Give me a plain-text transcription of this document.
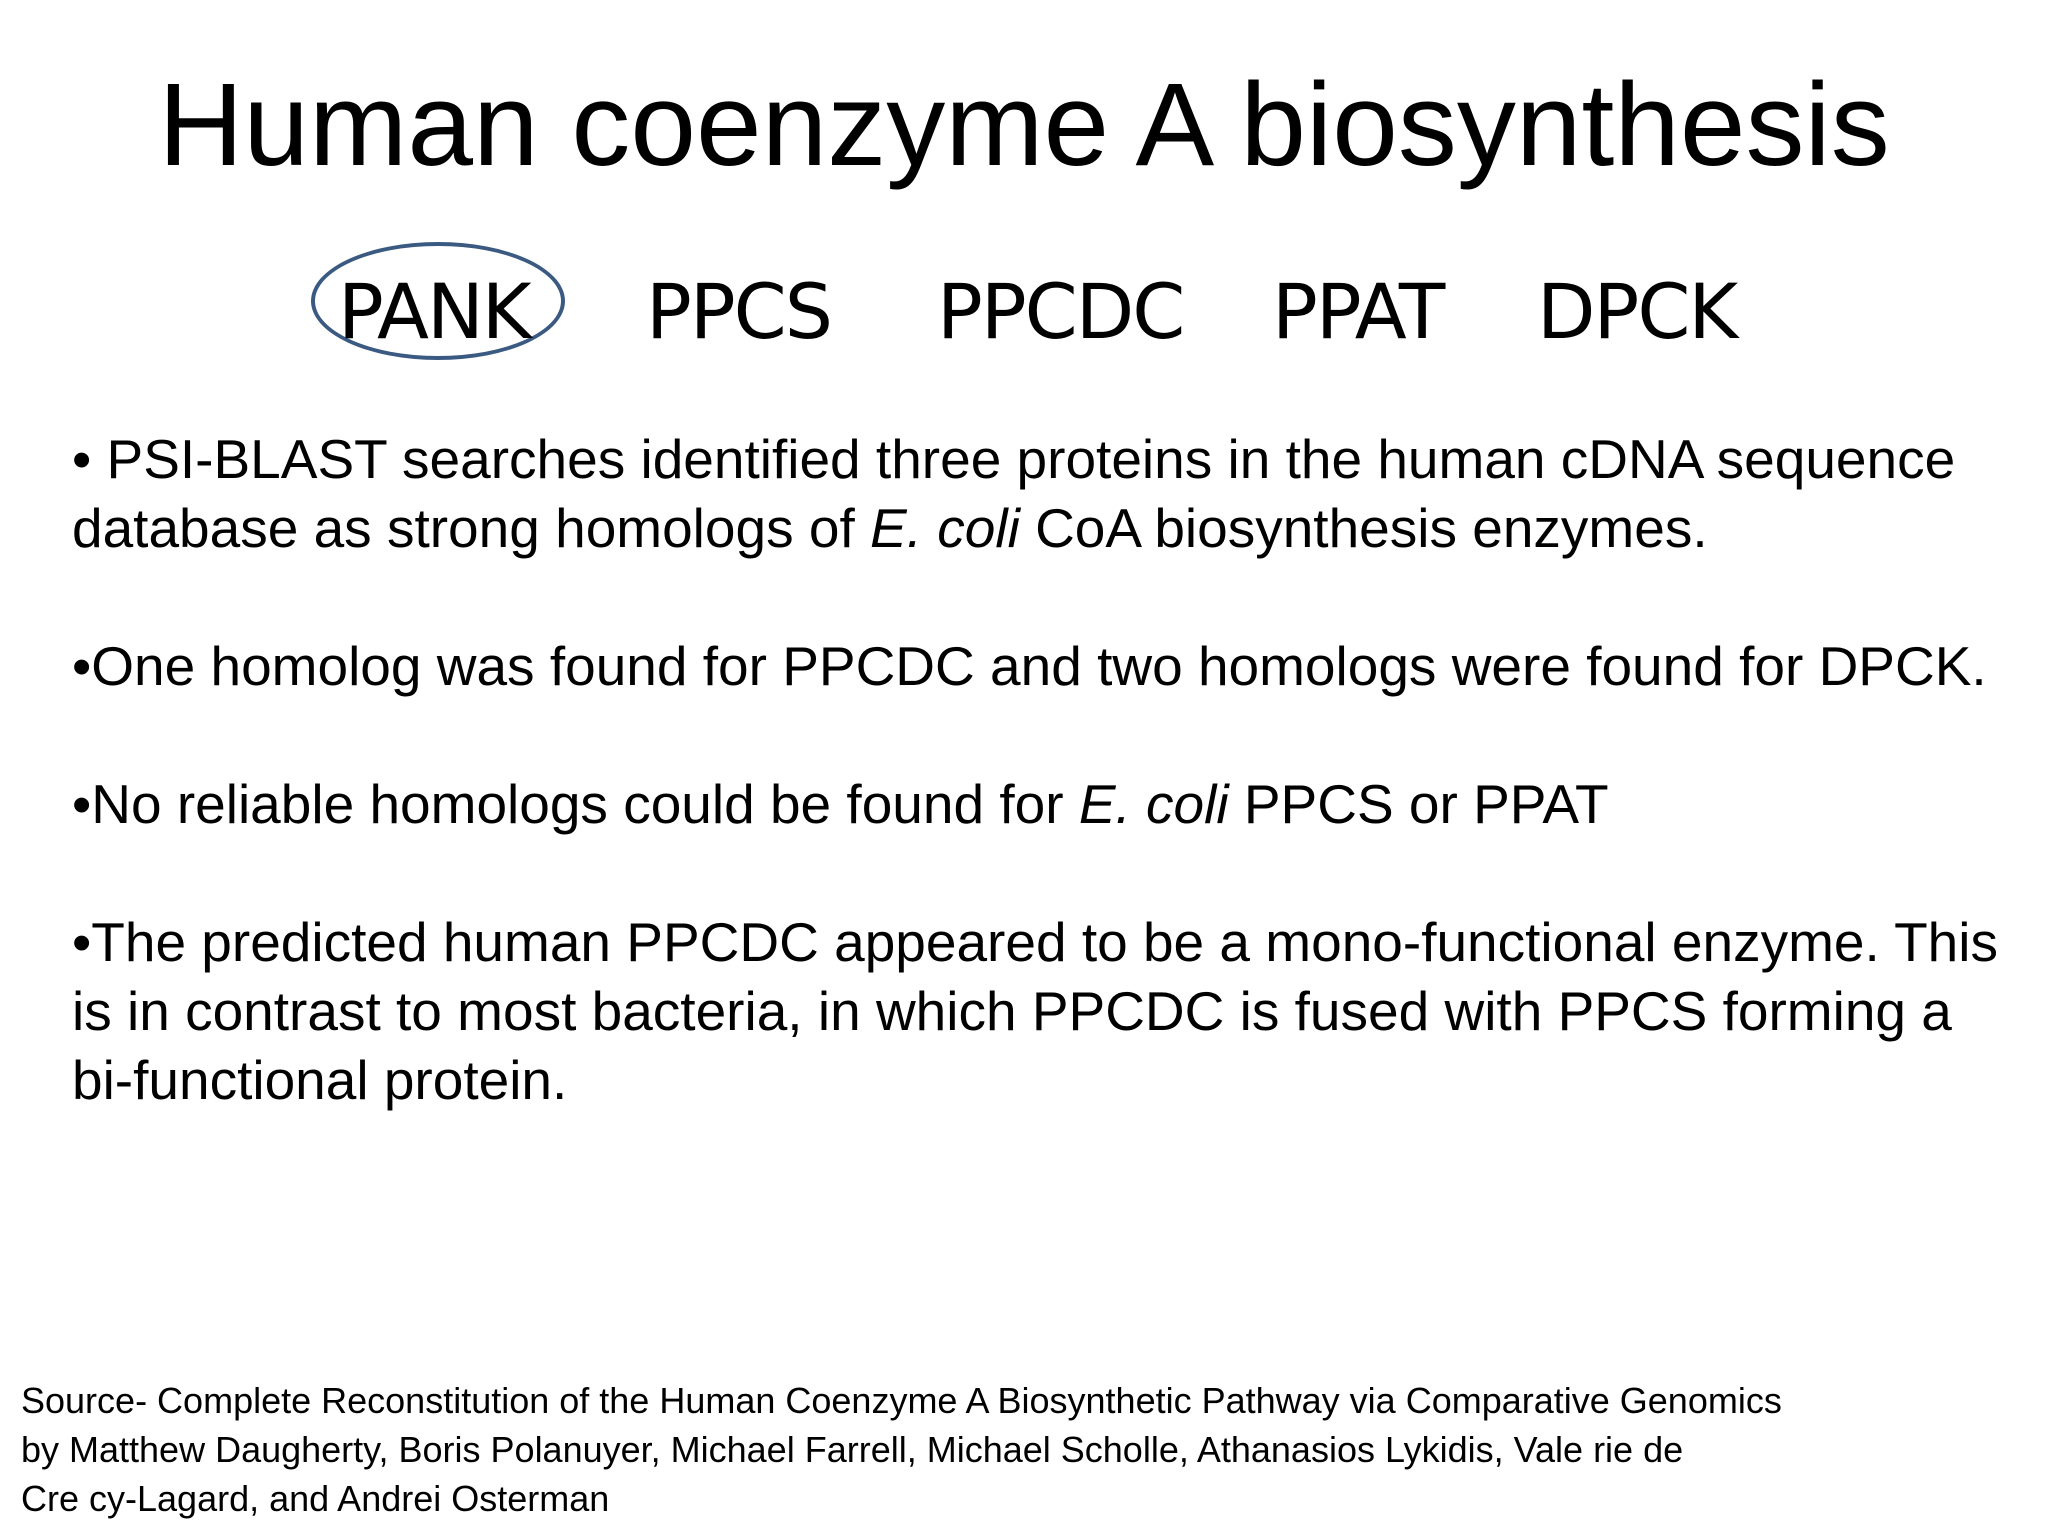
Human coenzyme A biosynthesis
PANK PPCS PPCDC PPAT DPCK
• PSI-BLAST searches identified three proteins in the human cDNA sequence database as strong homologs of E. coli CoA biosynthesis enzymes.
•One homolog was found for PPCDC and two homologs were found for DPCK.
•No reliable homologs could be found for E. coli PPCS or PPAT
•The predicted human PPCDC appeared to be a mono-functional enzyme. This is in contrast to most bacteria, in which PPCDC is fused with PPCS forming a bi-functional protein.
Source- Complete Reconstitution of the Human Coenzyme A Biosynthetic Pathway via Comparative Genomics
by Matthew Daugherty, Boris Polanuyer, Michael Farrell, Michael Scholle, Athanasios Lykidis, Vale rie de
Cre cy-Lagard, and Andrei Osterman
